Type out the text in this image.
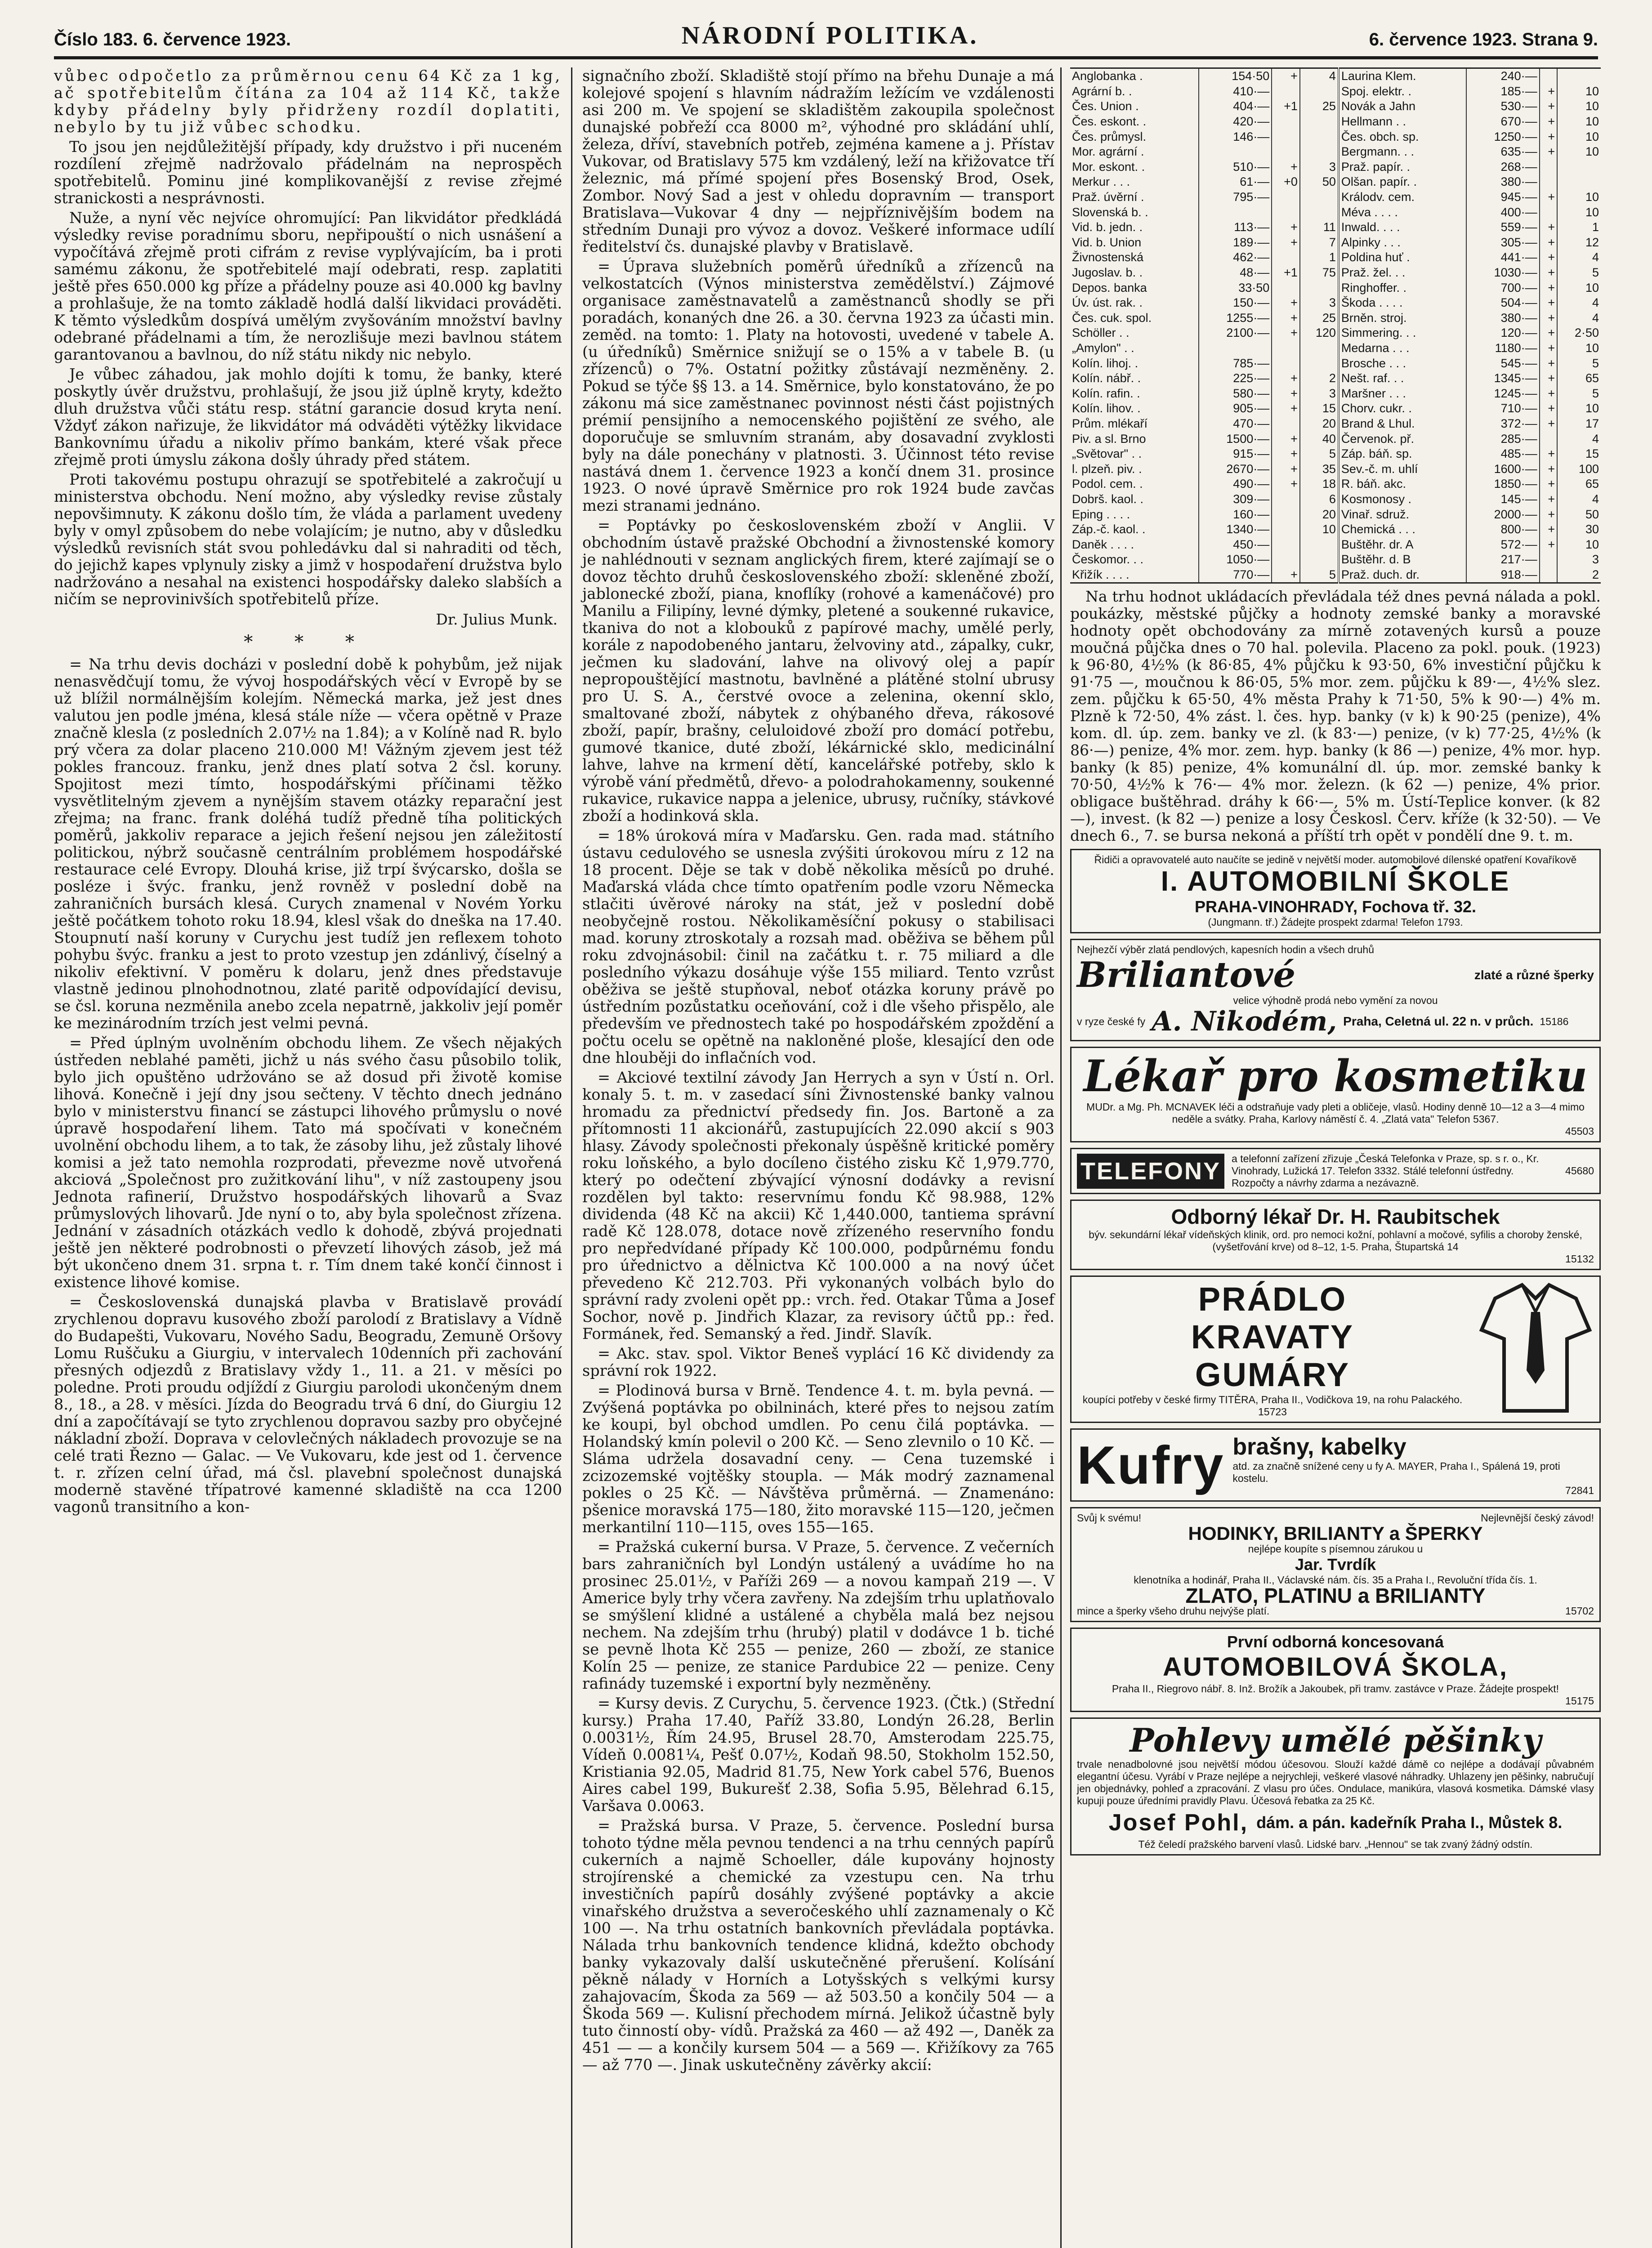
Číslo 183. 6. července 1923.	NÁRODNÍ POLITIKA.	6. července 1923. Strana 9.

vůbec odpočetlo za průměrnou cenu 64 Kč za 1 kg, ač spotřebitelům čítána za 104 až 114 Kč, takže kdyby přádelny byly přidrženy rozdíl doplatiti, nebylo by tu již vůbec schodku.

To jsou jen nejdůležitější případy, kdy družstvo i při nuceném rozdílení zřejmě nadržovalo přádelnám na neprospěch spotřebitelů. Pominu jiné komplikovanější z revise zřejmé stranickosti a nesprávnosti.

Nuže, a nyní věc nejvíce ohromující: Pan likvidátor předkládá výsledky revise poradnímu sboru, nepřipouští o nich usnášení a vypočítává zřejmě proti cifrám z revise vyplývajícím, ba i proti samému zákonu, že spotřebitelé mají odebrati, resp. zaplatiti ještě přes 650.000 kg příze a přádelny pouze asi 40.000 kg bavlny a prohlašuje, že na tomto základě hodlá další likvidaci prováděti. K těmto výsledkům dospívá umělým zvyšováním množství bavlny odebrané přádelnami a tím, že nerozlišuje mezi bavlnou státem garantovanou a bavlnou, do níž státu nikdy nic nebylo.

Je vůbec záhadou, jak mohlo dojíti k tomu, že banky, které poskytly úvěr družstvu, prohlašují, že jsou již úplně kryty, kdežto dluh družstva vůči státu resp. státní garancie dosud kryta není. Vždyť zákon nařizuje, že likvidátor má odváděti výtěžky likvidace Bankovnímu úřadu a nikoliv přímo bankám, které však přece zřejmě proti úmyslu zákona došly úhrady před státem.

Proti takovému postupu ohrazují se spotřebitelé a zakročují u ministerstva obchodu. Není možno, aby výsledky revise zůstaly nepovšimnuty. K zákonu došlo tím, že vláda a parlament uvedeny byly v omyl způsobem do nebe volajícím; je nutno, aby v důsledku výsledků revisních stát svou pohledávku dal si nahraditi od těch, do jejichž kapes vplynuly zisky a jimž v hospodaření družstva bylo nadržováno a nesahal na existenci hospodářsky daleko slabších a ničím se neprovinivších spotřebitelů příze.

Dr. Julius Munk.
* * *

= Na trhu devis docházi v poslední době k pohybům, jež nijak nenasvědčují tomu, že vývoj hospodářských věcí v Evropě by se už blížil normálnějším kolejím. Německá marka, jež jest dnes valutou jen podle jména, klesá stále níže — včera opětně v Praze značně klesla (z posledních 2.07½ na 1.84); a v Kolíně nad R. bylo prý včera za dolar placeno 210.000 M! Vážným zjevem jest též pokles francouz. franku, jenž dnes platí sotva 2 čsl. koruny. Spojitost mezi tímto, hospodářskými příčinami těžko vysvětlitelným zjevem a nynějším stavem otázky reparační jest zřejma; na franc. frank doléhá tudíž předně tíha politických poměrů, jakkoliv reparace a jejich řešení nejsou jen záležitostí politickou, nýbrž současně centrálním problémem hospodářské restaurace celé Evropy. Dlouhá krise, již trpí švýcarsko, došla se posléze i švýc. franku, jenž rovněž v poslední době na zahraničních bursách klesá. Curych znamenal v Novém Yorku ještě počátkem tohoto roku 18.94, klesl však do dneška na 17.40. Stoupnutí naší koruny v Curychu jest tudíž jen reflexem tohoto pohybu švýc. franku a jest to proto vzestup jen zdánlivý, číselný a nikoliv efektivní. V poměru k dolaru, jenž dnes představuje vlastně jedinou plnohodnotnou, zlaté paritě odpovídající devisu, se čsl. koruna nezměnila anebo zcela nepatrně, jakkoliv její poměr ke mezinárodním trzích jest velmi pevná.

= Před úplným uvolněním obchodu lihem. Ze všech nějakých ústředen neblahé paměti, jichž u nás svého času působilo tolik, bylo jich opuštěno udržováno se až dosud při životě komise lihová. Konečně i její dny jsou sečteny. V těchto dnech jednáno bylo v ministerstvu financí se zástupci lihového průmyslu o nové úpravě hospodaření lihem. Tato má spočívati v konečném uvolnění obchodu lihem, a to tak, že zásoby lihu, jež zůstaly lihové komisi a jež tato nemohla rozprodati, převezme nově utvořená akciová „Společnost pro zužitkování lihu", v níž zastoupeny jsou Jednota rafinerií, Družstvo hospodářských lihovarů a Svaz průmyslových lihovarů. Jde nyní o to, aby byla společnost zřízena. Jednání v zásadních otázkách vedlo k dohodě, zbývá projednati ještě jen některé podrobnosti o převzetí lihových zásob, jež má být ukončeno dnem 31. srpna t. r. Tím dnem také končí činnost i existence lihové komise.

= Československá dunajská plavba v Bratislavě provádí zrychlenou dopravu kusového zboží parolodí z Bratislavy a Vídně do Budapešti, Vukovaru, Nového Sadu, Beogradu, Zemuně Oršovy Lomu Ruščuku a Giurgiu, v intervalech 10denních při zachování přesných odjezdů z Bratislavy vždy 1., 11. a 21. v měsíci po poledne. Proti proudu odjíždí z Giurgiu parolodi ukončeným dnem 8., 18., a 28. v měsíci. Jízda do Beogradu trvá 6 dní, do Giurgiu 12 dní a započítávají se tyto zrychlenou dopravou sazby pro obyčejné nákladní zboží. Doprava v celovlečných nákladech provozuje se na celé trati Řezno — Galac. — Ve Vukovaru, kde jest od 1. července t. r. zřízen celní úřad, má čsl. plavební společnost dunajská moderně stavěné třípatrové kamenné skladiště na cca 1200 vagonů transitního a kon-

signačního zboží. Skladiště stojí přímo na břehu Dunaje a má kolejové spojení s hlavním nádražím ležícím ve vzdálenosti asi 200 m. Ve spojení se skladištěm zakoupila společnost dunajské pobřeží cca 8000 m², výhodné pro skládání uhlí, železa, dříví, stavebních potřeb, zejména kamene a j. Přístav Vukovar, od Bratislavy 575 km vzdálený, leží na křižovatce tří železnic, má přímé spojení přes Bosenský Brod, Osek, Zombor. Nový Sad a jest v ohledu dopravním — transport Bratislava—Vukovar 4 dny — nejpříznivějším bodem na středním Dunaji pro vývoz a dovoz. Veškeré informace udílí ředitelství čs. dunajské plavby v Bratislavě.

= Úprava služebních poměrů úředníků a zřízenců na velkostatcích (Výnos ministerstva zemědělství.) Zájmové organisace zaměstnavatelů a zaměstnanců shodly se při poradách, konaných dne 26. a 30. června 1923 za účasti min. zeměd. na tomto: 1. Platy na hotovosti, uvedené v tabele A. (u úředníků) Směrnice snižují se o 15% a v tabele B. (u zřízenců) o 7%. Ostatní požitky zůstávají nezměněny. 2. Pokud se týče §§ 13. a 14. Směrnice, bylo konstatováno, že po zákonu má sice zaměstnanec povinnost nésti část pojistných prémií pensijního a nemocenského pojištění ze svého, ale doporučuje se smluvním stranám, aby dosavadní zvyklosti byly na dále ponechány v platnosti. 3. Účinnost této revise nastává dnem 1. července 1923 a končí dnem 31. prosince 1923. O nové úpravě Směrnice pro rok 1924 bude zavčas mezi stranami jednáno.

= Poptávky po československém zboží v Anglii. V obchodním ústavě pražské Obchodní a živnostenské komory je nahlédnouti v seznam anglických firem, které zajímají se o dovoz těchto druhů československého zboží: skleněné zboží, jablonecké zboží, piana, knoflíky (rohové a kamenáčové) pro Manilu a Filipíny, levné dýmky, pletené a soukenné rukavice, tkaniva do not a klobouků z papírové machy, umělé perly, korále z napodobeného jantaru, želvoviny atd., zápalky, cukr, ječmen ku sladování, lahve na olivový olej a papír nepropouštějící mastnotu, bavlněné a plátěné stolní ubrusy pro U. S. A., čerstvé ovoce a zelenina, okenní sklo, smaltované zboží, nábytek z ohýbaného dřeva, rákosové zboží, papír, brašny, celuloidové zboží pro domácí potřebu, gumové tkanice, duté zboží, lékárnické sklo, medicinální lahve, lahve na krmení dětí, kancelářské potřeby, sklo k výrobě vání předmětů, dřevo- a polodrahokamenny, soukenné rukavice, rukavice nappa a jelenice, ubrusy, ručníky, stávkové zboží a hodinková skla.

= 18% úroková míra v Maďarsku. Gen. rada mad. státního ústavu cedulového se usnesla zvýšiti úrokovou míru z 12 na 18 procent. Děje se tak v době několika měsíců po druhé. Maďarská vláda chce tímto opatřením podle vzoru Německa stlačiti úvěrové nároky na stát, jež v poslední době neobyčejně rostou. Několikaměsíční pokusy o stabilisaci mad. koruny ztroskotaly a rozsah mad. oběživa se během půl roku zdvojnásobil: činil na začátku t. r. 75 miliard a dle posledního výkazu dosáhuje výše 155 miliard. Tento vzrůst oběživa se ještě stupňoval, neboť otázka koruny právě po ústředním pozůstatku oceňování, což i dle všeho přispělo, ale především ve přednostech také po hospodářském zpoždění a počtu ocelu se opětně na nakloněné ploše, klesající den ode dne hlouběji do inflačních vod.

= Akciové textilní závody Jan Herrych a syn v Ústí n. Orl. konaly 5. t. m. v zasedací síni Živnostenské banky valnou hromadu za přednictví předsedy fin. Jos. Bartoně a za přítomnosti 11 akcionářů, zastupujících 22.090 akcií s 903 hlasy. Závody společnosti překonaly úspěšně kritické poměry roku loňského, a bylo docíleno čistého zisku Kč 1,979.770, který po odečtení zbývající výnosní dodávky a revisní rozdělen byl takto: reservnímu fondu Kč 98.988, 12% dividenda (48 Kč na akcii) Kč 1,440.000, tantiema správní radě Kč 128.078, dotace nově zřízeného reservního fondu pro nepředvídané případy Kč 100.000, podpůrnému fondu pro úřednictvo a dělnictva Kč 100.000 a na nový účet převedeno Kč 212.703. Při vykonaných volbách bylo do správní rady zvoleni opět pp.: vrch. řed. Otakar Tůma a Josef Sochor, nově p. Jindřich Klazar, za revisory účtů pp.: řed. Formánek, řed. Semanský a řed. Jindř. Slavík.

= Akc. stav. spol. Viktor Beneš vyplácí 16 Kč dividendy za správní rok 1922.

= Plodinová bursa v Brně. Tendence 4. t. m. byla pevná. — Zvýšená poptávka po obilninách, které přes to nejsou zatím ke koupi, byl obchod umdlen. Po cenu čilá poptávka. — Holandský kmín polevil o 200 Kč. — Seno zlevnilo o 10 Kč. — Sláma udržela dosavadní ceny. — Cena tuzemské i zcizozemské vojtěšky stoupla. — Mák modrý zaznamenal pokles o 25 Kč. — Návštěva průměrná. — Znamenáno: pšenice moravská 175—180, žito moravské 115—120, ječmen merkantilní 110—115, oves 155—165.

= Pražská cukerní bursa. V Praze, 5. července. Z večerních bars zahraničních byl Londýn ustálený a uvádíme ho na prosinec 25.01½, v Paříži 269 — a novou kampaň 219 —. V Americe byly trhy včera zavřeny. Na zdejším trhu uplatňovalo se smýšlení klidné a ustálené a chyběla malá bez nejsou nechem. Na zdejším trhu (hrubý) platil v dodávce 1 b. tiché se pevně lhota Kč 255 — penize, 260 — zboží, ze stanice Kolín 25 — penize, ze stanice Pardubice 22 — penize. Ceny rafinády tuzemské i exportní byly nezměněny.

= Kursy devis. Z Curychu, 5. července 1923. (Čtk.) (Střední kursy.) Praha 17.40, Paříž 33.80, Londýn 26.28, Berlin 0.0031½, Řím 24.95, Brusel 28.70, Amsterodam 225.75, Vídeň 0.0081¼, Pešť 0.07½, Kodaň 98.50, Stokholm 152.50, Kristiania 92.05, Madrid 81.75, New York cabel 576, Buenos Aires cabel 199, Bukurešť 2.38, Sofia 5.95, Bělehrad 6.15, Varšava 0.0063.

= Pražská bursa. V Praze, 5. července. Poslední bursa tohoto týdne měla pevnou tendenci a na trhu cenných papírů cukerních a najmě Schoeller, dále kupovány hojnosty strojírenské a chemické za vzestupu cen. Na trhu investičních papírů dosáhly zvýšené poptávky a akcie vinařského družstva a severočeského uhlí zaznamenaly o Kč 100 —. Na trhu ostatních bankovních převládala poptávka. Nálada trhu bankovních tendence klidná, kdežto obchody banky vykazovaly další uskutečněné přerušení. Kolísání pěkně nálady v Horních a Lotyšských s velkými kursy zahajovacím, Škoda za 569 — až 503.50 a končily 504 — a Škoda 569 —. Kulisní přechodem mírná. Jelikož účastně byly tuto činností oby- vídů. Pražská za 460 — až 492 —, Daněk za 451 — — a končily kursem 504 — a 569 —. Křižíkovy za 765 — až 770 —. Jinak uskutečněny závěrky akcií:

Anglobanka .	154·50	+	4	Laurina Klem.	240·—		
Agrární b. .	410·—			Spoj. elektr. .	185·—	+	10
Čes. Union .	404·—	+1	25	Novák a Jahn	530·—	+	10
Čes. eskont. .	420·—			Hellmann . .	670·—	+	10
Čes. průmysl.	146·—			Čes. obch. sp.	1250·—	+	10
Mor. agrární .				Bergmann. . .	635·—	+	10
Mor. eskont. .	510·—	+	3	Praž. papír. .	268·—		
Merkur . . .	61·—	+0	50	Olšan. papír. .	380·—		
Praž. úvěrní .	795·—			Králodv. cem.	945·—	+	10
Slovenská b. .				Méva . . . .	400·—		10
Vid. b. jedn. .	113·—	+	11	Inwald. . . .	559·—	+	1
Vid. b. Union	189·—	+	7	Alpinky . . .	305·—	+	12
Živnostenská	462·—		1	Poldina huť .	441·—	+	4
Jugoslav. b. .	48·—	+1	75	Praž. žel. . .	1030·—	+	5
Depos. banka	33·50			Ringhoffer. .	700·—	+	10
Úv. úst. rak. .	150·—	+	3	Škoda . . . .	504·—	+	4
Čes. cuk. spol.	1255·—	+	25	Brněn. stroj.	380·—	+	4
Schöller . .	2100·—	+	120	Simmering. . .	120·—	+	2·50
„Amylon" . .				Medarna . . .	1180·—	+	10
Kolín. lihoj. .	785·—			Brosche . . .	545·—	+	5
Kolín. nábř. .	225·—	+	2	Nešt. raf. . .	1345·—	+	65
Kolín. rafin. .	580·—	+	3	Maršner . . .	1245·—	+	5
Kolín. lihov. .	905·—	+	15	Chorv. cukr. .	710·—	+	10
Prům. mlékaří	470·—		20	Brand & Lhul.	372·—	+	17
Piv. a sl. Brno	1500·—	+	40	Červenok. př.	285·—		4
„Světovar" . .	915·—	+	5	Záp. báň. sp.	485·—	+	15
l. plzeň. piv. .	2670·—	+	35	Sev.-č. m. uhlí	1600·—	+	100
Podol. cem. .	490·—	+	18	R. báň. akc.	1850·—	+	65
Dobrš. kaol. .	309·—		6	Kosmonosy .	145·—	+	4
Eping . . . .	160·—		20	Vinař. sdruž.	2000·—	+	50
Záp.-č. kaol. .	1340·—		10	Chemická . . .	800·—	+	30
Daněk . . . .	450·—			Buštěhr. dr. A	572·—	+	10
Českomor. . .	1050·—			Buštěhr. d. B	217·—		3
Křižík . . . .	770·—	+	5	Praž. duch. dr.	918·—		2

Na trhu hodnot ukládacích převládala též dnes pevná nálada a pokl. poukázky, městské půjčky a hodnoty zemské banky a moravské hodnoty opět obchodovány za mírně zotavených kursů a pouze moučná půjčka dnes o 70 hal. polevila. Placeno za pokl. pouk. (1923) k 96·80, 4½% (k 86·85, 4% půjčku k 93·50, 6% investiční půjčku k 91·75 —, moučnou k 86·05, 5% mor. zem. půjčku k 89·—, 4½% slez. zem. půjčku k 65·50, 4% města Prahy k 71·50, 5% k 90·—) 4% m. Plzně k 72·50, 4% zást. l. čes. hyp. banky (v k) k 90·25 (penize), 4% kom. dl. úp. zem. banky ve zl. (k 83·—) penize, (v k) 77·25, 4½% (k 86·—) penize, 4% mor. zem. hyp. banky (k 86 —) penize, 4% mor. hyp. banky (k 85) penize, 4% komunální dl. úp. mor. zemské banky k 70·50, 4½% k 76·— 4% mor. železn. (k 62 —) penize, 4% prior. obligace buštěhrad. dráhy k 66·—, 5% m. Ústí-Teplice konver. (k 82 —), invest. (k 82 —) penize a losy Českosl. Červ. kříže (k 32·50). — Ve dnech 6., 7. se bursa nekoná a příští trh opět v pondělí dne 9. t. m.

Řidiči a opravovatelé auto naučíte se jedině v největší moder. automobilové dílenské opatření Kovaříkově
I. AUTOMOBILNÍ ŠKOLE
PRAHA-VINOHRADY, Fochova tř. 32.
(Jungmann. tř.) Žádejte prospekt zdarma! Telefon 1793.
Nejhezčí výběr zlatá pendlových, kapesních hodin a všech druhů
Briliantové	zlaté a různé šperky
velice výhodně prodá nebo vymění za novou
v ryze české fy A. Nikodém, Praha, Celetná ul. 22 n. v průch. 15186
Lékař pro kosmetiku
MUDr. a Mg. Ph. MCNAVEK léči a odstraňuje vady pleti a obličeje, vlasů. Hodiny denně 10—12 a 3—4 mimo neděle a svátky. Praha, Karlovy náměstí č. 4. „Zlatá vata" Telefon 5367.
45503
TELEFONY	a telefonní zařízení zřizuje „Česká Telefonka v Praze, sp. s r. o., Kr. Vinohrady, Lužická 17. Telefon 3332. Stálé telefonní ústředny. Rozpočty a návrhy zdarma a nezávazně.
45680
Odborný lékař Dr. H. Raubitschek
býv. sekundární lékař vídeňských klinik, ord. pro nemoci kožní, pohlavní a močové, syfilis a choroby ženské, (vyšetřování krve) od 8–12, 1-5. Praha, Štupartská 14
15132
PRÁDLO
KRAVATY
GUMÁRY
koupíci potřeby v české firmy TITĚRA, Praha II., Vodičkova 19, na rohu Palackého.
15723
Kufry brašny, kabelky
atd. za značně snížené ceny u fy A. MAYER, Praha I., Spálená 19, proti kostelu.
72841
Svůj k svému!	Nejlevnější český závod!
HODINKY, BRILIANTY a ŠPERKY
nejlépe koupíte s písemnou zárukou u
Jar. Tvrdík
klenotníka a hodinář, Praha II., Václavské nám. čís. 35 a Praha I., Revoluční třída čís. 1.
ZLATO, PLATINU a BRILIANTY
mince a šperky všeho druhu nejvýše platí.	15702
První odborná koncesovaná
AUTOMOBILOVÁ ŠKOLA,
Praha II., Riegrovo nábř. 8. Inž. Brožík a Jakoubek, při tramv. zastávce v Praze. Žádejte prospekt!
15175
Pohlevy umělé pěšinky
trvale nenadbolovné jsou největší módou účesovou. Slouží každé dámě co nejlépe a dodávají půvabném elegantní účesu. Vyrábí v Praze nejlépe a nejrychleji, veškeré vlasové náhradky. Uhlazeny jen pěšinky, nabručují jen objednávky, pohleď a zpracování. Z vlasu pro účes. Ondulace, manikúra, vlasová kosmetika. Dámské vlasy kupuji pouze úředními pravidly Plavu. Účesová řebatka za 25 Kč.
Josef Pohl, dám. a pán. kadeřník Praha I., Můstek 8.
Též čeledí pražského barvení vlasů. Lidské barv. „Hennou" se tak zvaný žádný odstín.
